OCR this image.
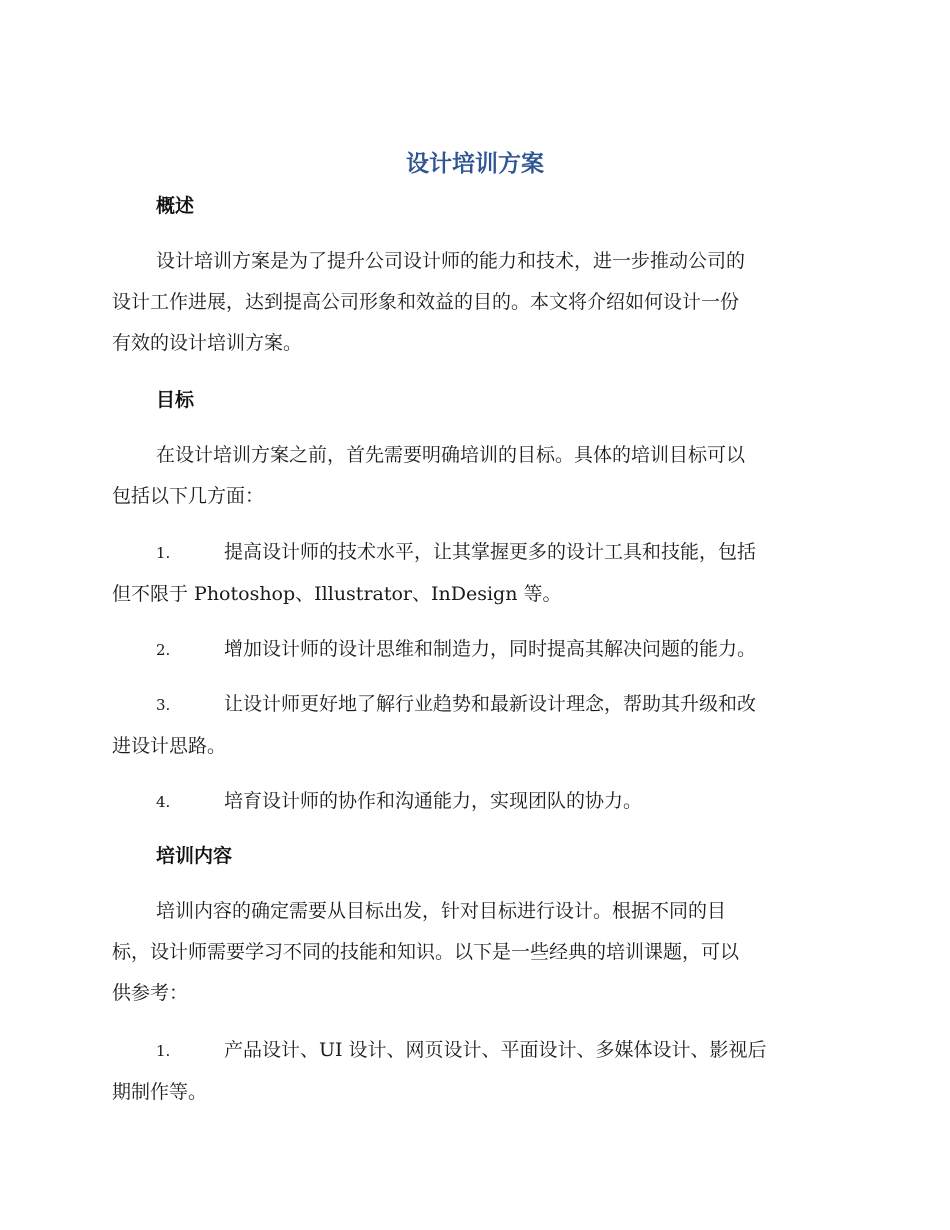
设计培训方案
概述

设计培训方案是为了提升公司设计师的能力和技术，进一步推动公司的
设计工作进展，达到提高公司形象和效益的目的。本文将介绍如何设计一份
有效的设计培训方案。

目标

在设计培训方案之前，首先需要明确培训的目标。具体的培训目标可以
包括以下几方面：

1.	提高设计师的技术水平，让其掌握更多的设计工具和技能，包括
但不限于 Photoshop、Illustrator、InDesign 等。
2.	增加设计师的设计思维和制造力，同时提高其解决问题的能力。
3.	让设计师更好地了解行业趋势和最新设计理念，帮助其升级和改
进设计思路。
4.	培育设计师的协作和沟通能力，实现团队的协力。
培训内容

培训内容的确定需要从目标出发，针对目标进行设计。根据不同的目
标，设计师需要学习不同的技能和知识。以下是一些经典的培训课题，可以
供参考：

1.	产品设计、UI 设计、网页设计、平面设计、多媒体设计、影视后
期制作等。
